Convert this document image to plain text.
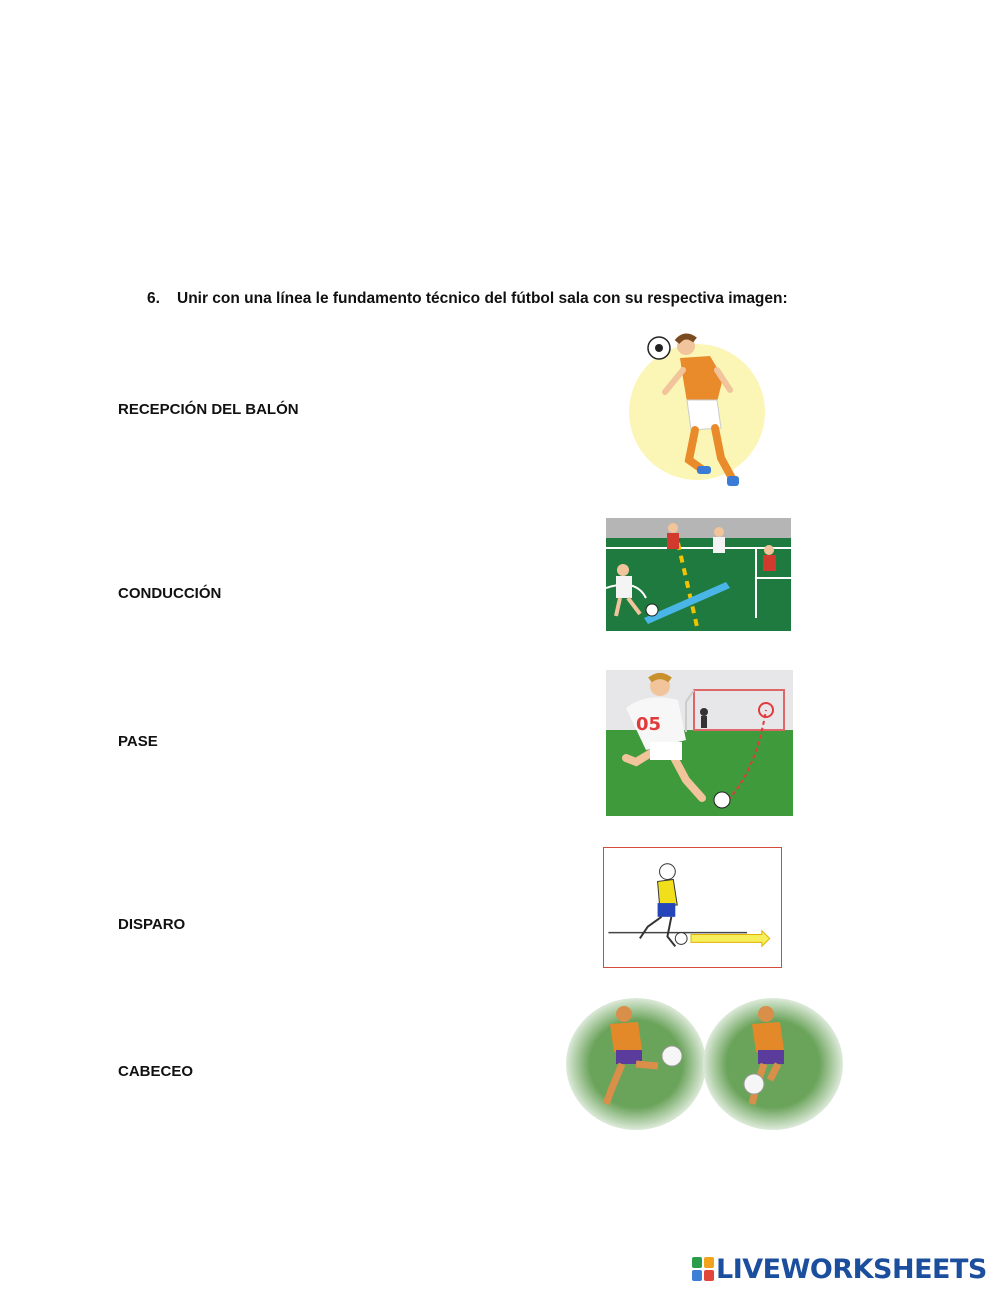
6. Unir con una línea le fundamento técnico del fútbol sala con su respectiva imagen:
RECEPCIÓN DEL BALÓN
CONDUCCIÓN
PASE
DISPARO
CABECEO
05
LIVEWORKSHEETS
